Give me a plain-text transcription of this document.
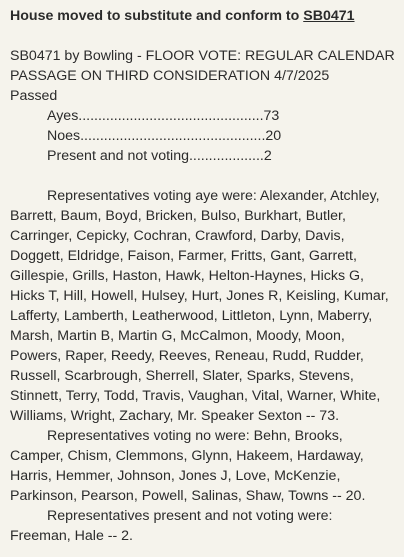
House moved to substitute and conform to SB0471

SB0471 by Bowling - FLOOR VOTE: REGULAR CALENDAR

PASSAGE ON THIRD CONSIDERATION 4/7/2025

Passed

Ayes...............................................73
Noes...............................................20
Present and not voting...................2

Representatives voting aye were: Alexander, Atchley, Barrett, Baum, Boyd, Bricken, Bulso, Burkhart, Butler, Carringer, Cepicky, Cochran, Crawford, Darby, Davis, Doggett, Eldridge, Faison, Farmer, Fritts, Gant, Garrett, Gillespie, Grills, Haston, Hawk, Helton-Haynes, Hicks G, Hicks T, Hill, Howell, Hulsey, Hurt, Jones R, Keisling, Kumar, Lafferty, Lamberth, Leatherwood, Littleton, Lynn, Maberry, Marsh, Martin B, Martin G, McCalmon, Moody, Moon, Powers, Raper, Reedy, Reeves, Reneau, Rudd, Rudder, Russell, Scarbrough, Sherrell, Slater, Sparks, Stevens, Stinnett, Terry, Todd, Travis, Vaughan, Vital, Warner, White, Williams, Wright, Zachary, Mr. Speaker Sexton -- 73.

Representatives voting no were: Behn, Brooks, Camper, Chism, Clemmons, Glynn, Hakeem, Hardaway, Harris, Hemmer, Johnson, Jones J, Love, McKenzie, Parkinson, Pearson, Powell, Salinas, Shaw, Towns -- 20.

Representatives present and not voting were: Freeman, Hale -- 2.
